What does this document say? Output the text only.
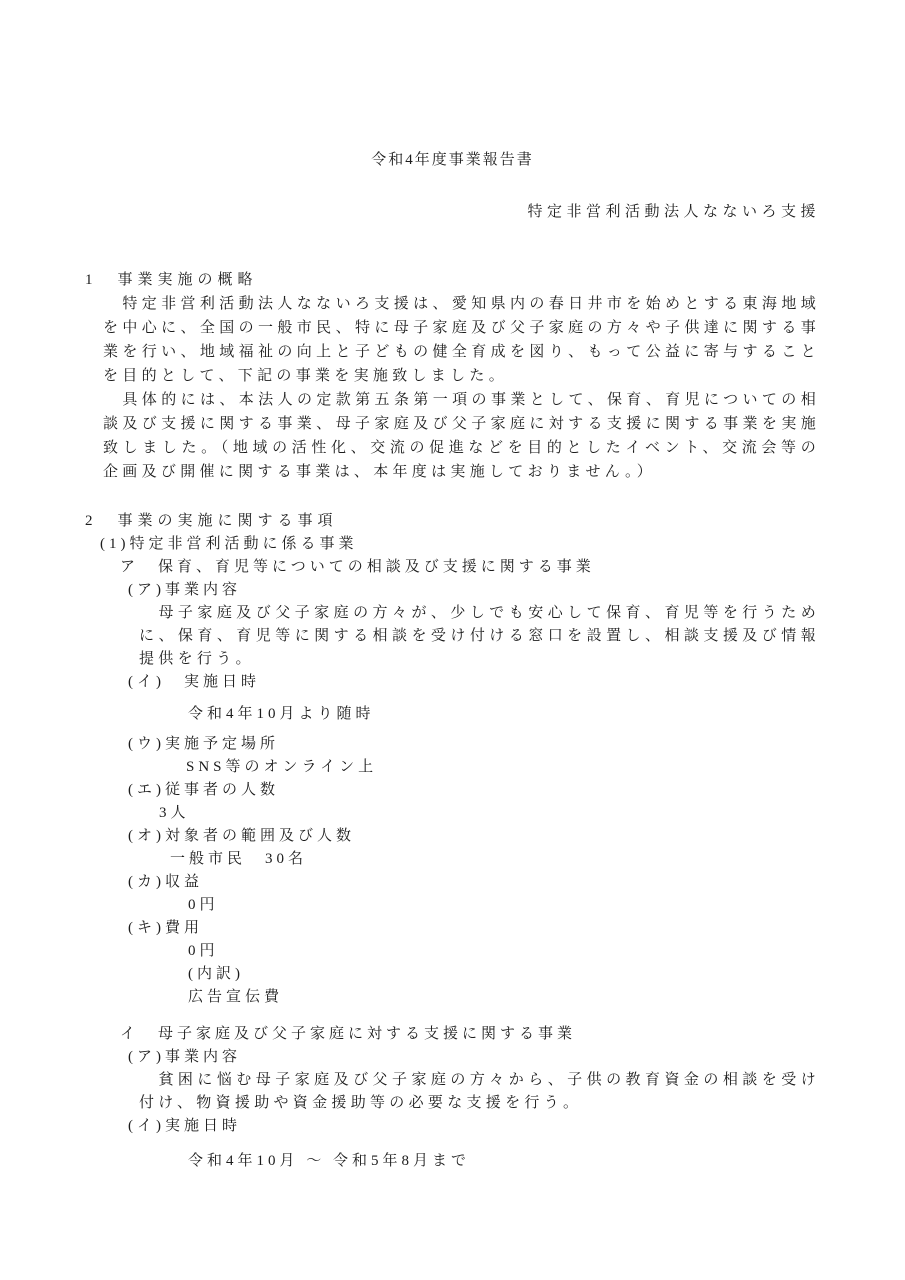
令和4年度事業報告書
特定非営利活動法人なないろ支援
1　事業実施の概略
　特定非営利活動法人なないろ支援は、愛知県内の春日井市を始めとする東海地域を中心に、全国の一般市民、特に母子家庭及び父子家庭の方々や子供達に関する事業を行い、地域福祉の向上と子どもの健全育成を図り、もって公益に寄与することを目的として、下記の事業を実施致しました。
　具体的には、本法人の定款第五条第一項の事業として、保育、育児についての相談及び支援に関する事業、母子家庭及び父子家庭に対する支援に関する事業を実施致しました。（地域の活性化、交流の促進などを目的としたイベント、交流会等の企画及び開催に関する事業は、本年度は実施しておりません。）
2　事業の実施に関する事項
(1)特定非営利活動に係る事業
ア　保育、育児等についての相談及び支援に関する事業
(ア)事業内容
　母子家庭及び父子家庭の方々が、少しでも安心して保育、育児等を行うために、保育、育児等に関する相談を受け付ける窓口を設置し、相談支援及び情報提供を行う。
(イ)　実施日時
令和4年10月より随時
(ウ)実施予定場所
SNS等のオンライン上
(エ)従事者の人数
3人
(オ)対象者の範囲及び人数
一般市民　30名
(カ)収益
0円
(キ)費用
0円
(内訳)
広告宣伝費
イ　母子家庭及び父子家庭に対する支援に関する事業
(ア)事業内容
　貧困に悩む母子家庭及び父子家庭の方々から、子供の教育資金の相談を受け付け、物資援助や資金援助等の必要な支援を行う。
(イ)実施日時
令和4年10月 ～ 令和5年8月まで
